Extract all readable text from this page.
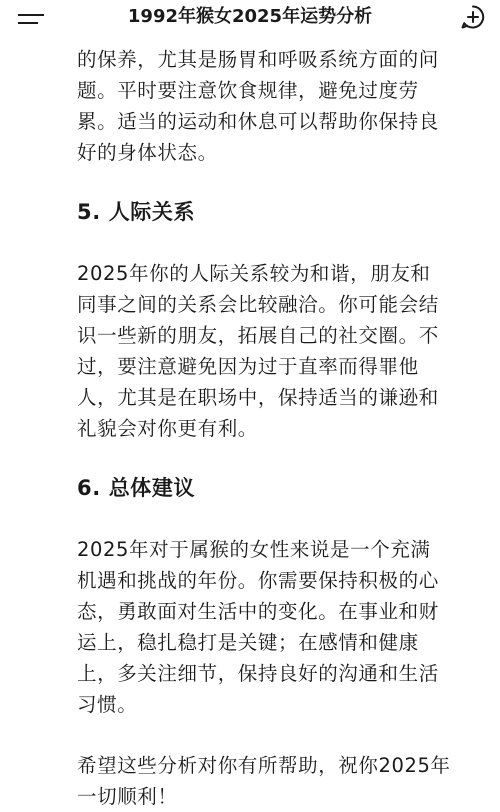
1992年猴女2025年运势分析

的保养，尤其是肠胃和呼吸系统方面的问
题。平时要注意饮食规律，避免过度劳
累。适当的运动和休息可以帮助你保持良
好的身体状态。

5. 人际关系

2025年你的人际关系较为和谐，朋友和
同事之间的关系会比较融洽。你可能会结
识一些新的朋友，拓展自己的社交圈。不
过，要注意避免因为过于直率而得罪他
人，尤其是在职场中，保持适当的谦逊和
礼貌会对你更有利。

6. 总体建议

2025年对于属猴的女性来说是一个充满
机遇和挑战的年份。你需要保持积极的心
态，勇敢面对生活中的变化。在事业和财
运上，稳扎稳打是关键；在感情和健康
上，多关注细节，保持良好的沟通和生活
习惯。

希望这些分析对你有所帮助，祝你2025年
一切顺利！
